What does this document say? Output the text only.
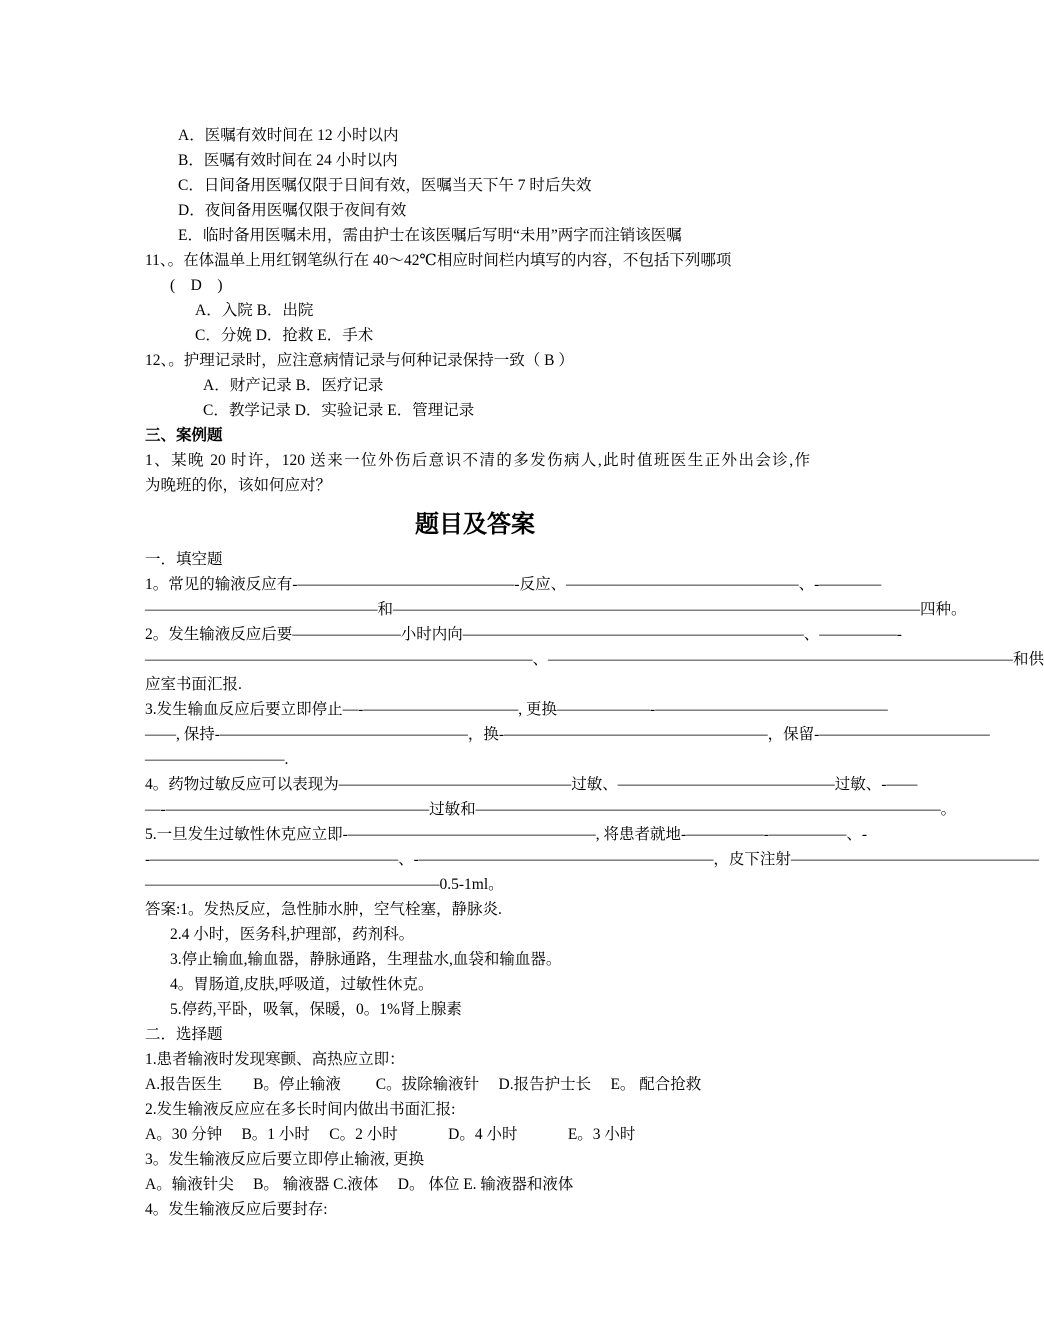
A．医嘱有效时间在 12 小时以内
B．医嘱有效时间在 24 小时以内
C．日间备用医嘱仅限于日间有效，医嘱当天下午 7 时后失效
D．夜间备用医嘱仅限于夜间有效
E．临时备用医嘱未用，需由护士在该医嘱后写明“未用”两字而注销该医嘱
11、。在体温单上用红钢笔纵行在 40～42℃相应时间栏内填写的内容，不包括下列哪项
(　D　)
A．入院 B．出院
C．分娩 D．抢救 E．手术
12、。护理记录时，应注意病情记录与何种记录保持一致（ B ）
A．财产记录 B．医疗记录
C．教学记录 D．实验记录 E．管理记录
三、案例题
1、某晚 20 时许，120 送来一位外伤后意识不清的多发伤病人,此时值班医生正外出会诊,作
为晚班的你，该如何应对？
题目及答案
一．填空题
1。常见的输液反应有-——————————————-反应、———————————————、-————
———————————————和——————————————————————————————————四种。
2。发生输液反应后要———————小时内向——————————————————————、—————-
—————————————————————————、——————————————————————————————和供
应室书面汇报.
3.发生输血反应后要立即停止—-——————————, 更换——————-———————————————
——, 保持-————————————————，换-—————————————————，保留-———————————
—————————.
4。药物过敏反应可以表现为———————————————过敏、——————————————过敏、-——
—-—————————————————过敏和——————————————————————————————。
5.一旦发生过敏性休克应立即-————————————————, 将患者就地-—————-—————、-
-————————————————、-———————————————————，皮下注射————————————————
———————————————————0.5-1ml。
答案:1。发热反应，急性肺水肿，空气栓塞，静脉炎.
2.4 小时，医务科,护理部，药剂科。
3.停止输血,输血器，静脉通路，生理盐水,血袋和输血器。
4。胃肠道,皮肤,呼吸道，过敏性休克。
5.停药,平卧，吸氧，保暖，0。1%肾上腺素
二．选择题
1.患者输液时发现寒颤、高热应立即：
A.报告医生　　B。停止输液　　 C。拔除输液针　 D.报告护士长　 E。 配合抢救
2.发生输液反应应在多长时间内做出书面汇报:
A。30 分钟　 B。1 小时　 C。2 小时　　　 D。4 小时　　　 E。3 小时
3。发生输液反应后要立即停止输液, 更换
A。输液针尖　 B。 输液器 C.液体　 D。 体位 E. 输液器和液体
4。发生输液反应后要封存:
